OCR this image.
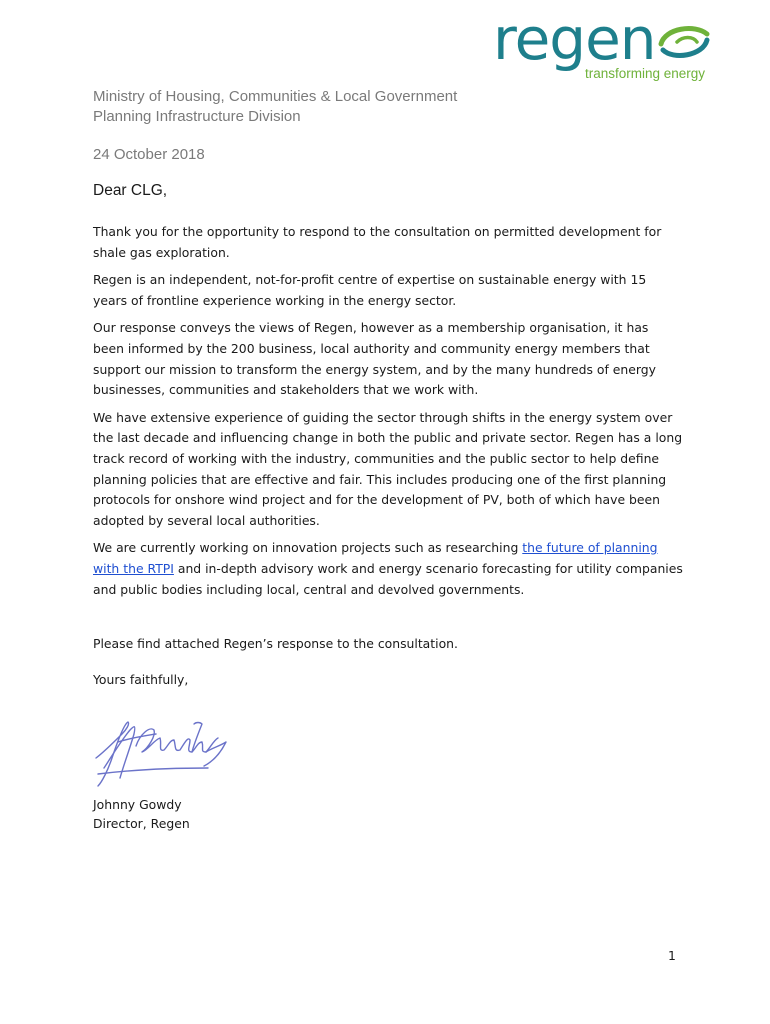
regen
transforming energy
Ministry of Housing, Communities & Local Government
Planning Infrastructure Division
24 October 2018
Dear CLG,

Thank you for the opportunity to respond to the consultation on permitted development for shale gas exploration.

Regen is an independent, not-for-profit centre of expertise on sustainable energy with 15 years of frontline experience working in the energy sector.

Our response conveys the views of Regen, however as a membership organisation, it has been informed by the 200 business, local authority and community energy members that support our mission to transform the energy system, and by the many hundreds of energy businesses, communities and stakeholders that we work with.

We have extensive experience of guiding the sector through shifts in the energy system over the last decade and influencing change in both the public and private sector. Regen has a long track record of working with the industry, communities and the public sector to help define planning policies that are effective and fair. This includes producing one of the first planning protocols for onshore wind project and for the development of PV, both of which have been adopted by several local authorities.

We are currently working on innovation projects such as researching the future of planning with the RTPI and in-depth advisory work and energy scenario forecasting for utility companies and public bodies including local, central and devolved governments.

Please find attached Regen’s response to the consultation.

Yours faithfully,

Johnny Gowdy
Director, Regen
1
